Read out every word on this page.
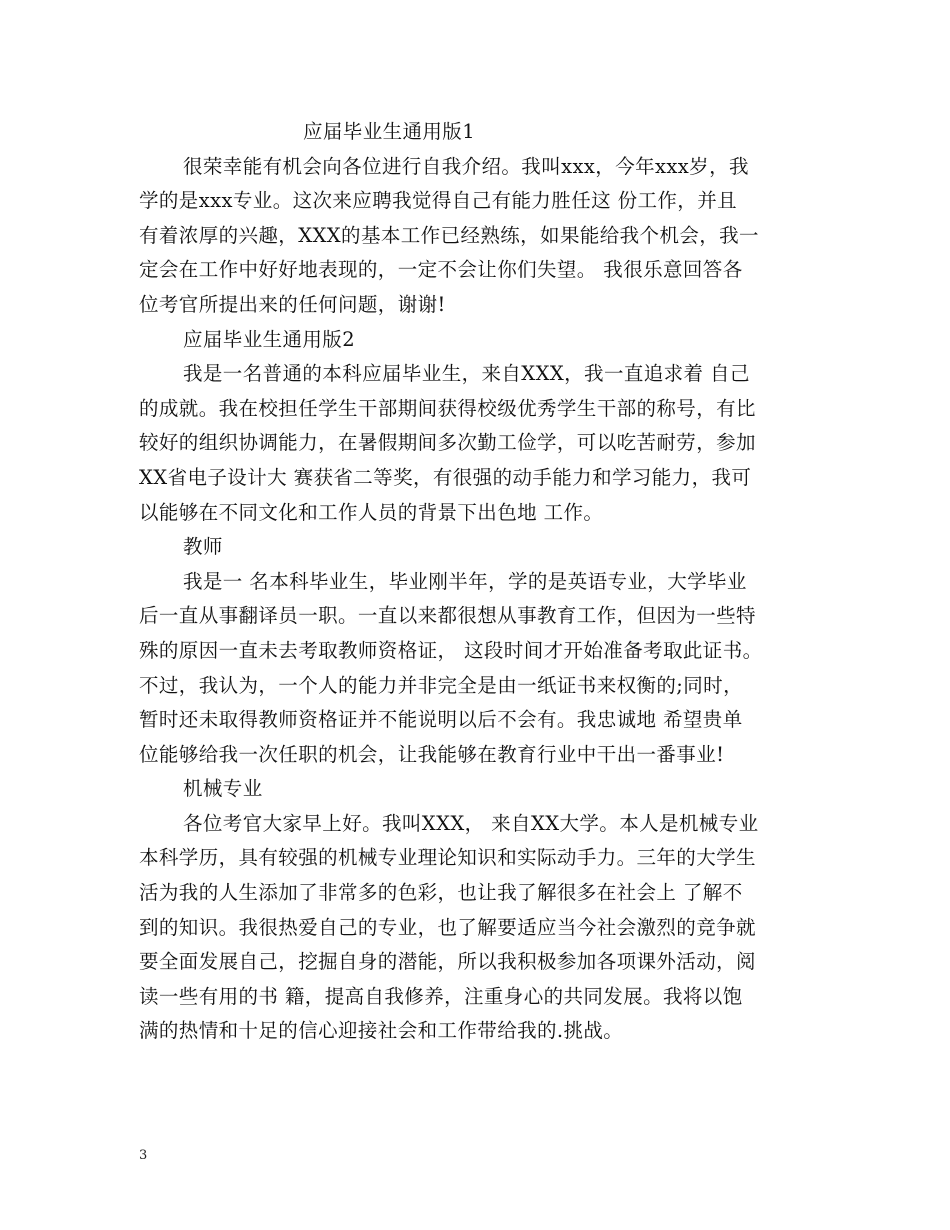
应届毕业生通用版1
很荣幸能有机会向各位进行自我介绍。我叫xxx，今年xxx岁，我
学的是xxx专业。这次来应聘我觉得自己有能力胜任这 份工作，并且
有着浓厚的兴趣，XXX的基本工作已经熟练，如果能给我个机会，我一
定会在工作中好好地表现的，一定不会让你们失望。 我很乐意回答各
位考官所提出来的任何问题，谢谢!
应届毕业生通用版2
我是一名普通的本科应届毕业生，来自XXX，我一直追求着 自己
的成就。我在校担任学生干部期间获得校级优秀学生干部的称号，有比
较好的组织协调能力，在暑假期间多次勤工俭学，可以吃苦耐劳，参加
XX省电子设计大 赛获省二等奖，有很强的动手能力和学习能力，我可
以能够在不同文化和工作人员的背景下出色地 工作。
教师
我是一 名本科毕业生，毕业刚半年，学的是英语专业，大学毕业
后一直从事翻译员一职。一直以来都很想从事教育工作，但因为一些特
殊的原因一直未去考取教师资格证， 这段时间才开始准备考取此证书。
不过，我认为，一个人的能力并非完全是由一纸证书来权衡的;同时，
暂时还未取得教师资格证并不能说明以后不会有。我忠诚地 希望贵单
位能够给我一次任职的机会，让我能够在教育行业中干出一番事业!
机械专业
各位考官大家早上好。我叫XXX， 来自XX大学。本人是机械专业
本科学历，具有较强的机械专业理论知识和实际动手力。三年的大学生
活为我的人生添加了非常多的色彩，也让我了解很多在社会上 了解不
到的知识。我很热爱自己的专业，也了解要适应当今社会激烈的竞争就
要全面发展自己，挖掘自身的潜能，所以我积极参加各项课外活动，阅
读一些有用的书 籍，提高自我修养，注重身心的共同发展。我将以饱
满的热情和十足的信心迎接社会和工作带给我的.挑战。
3
